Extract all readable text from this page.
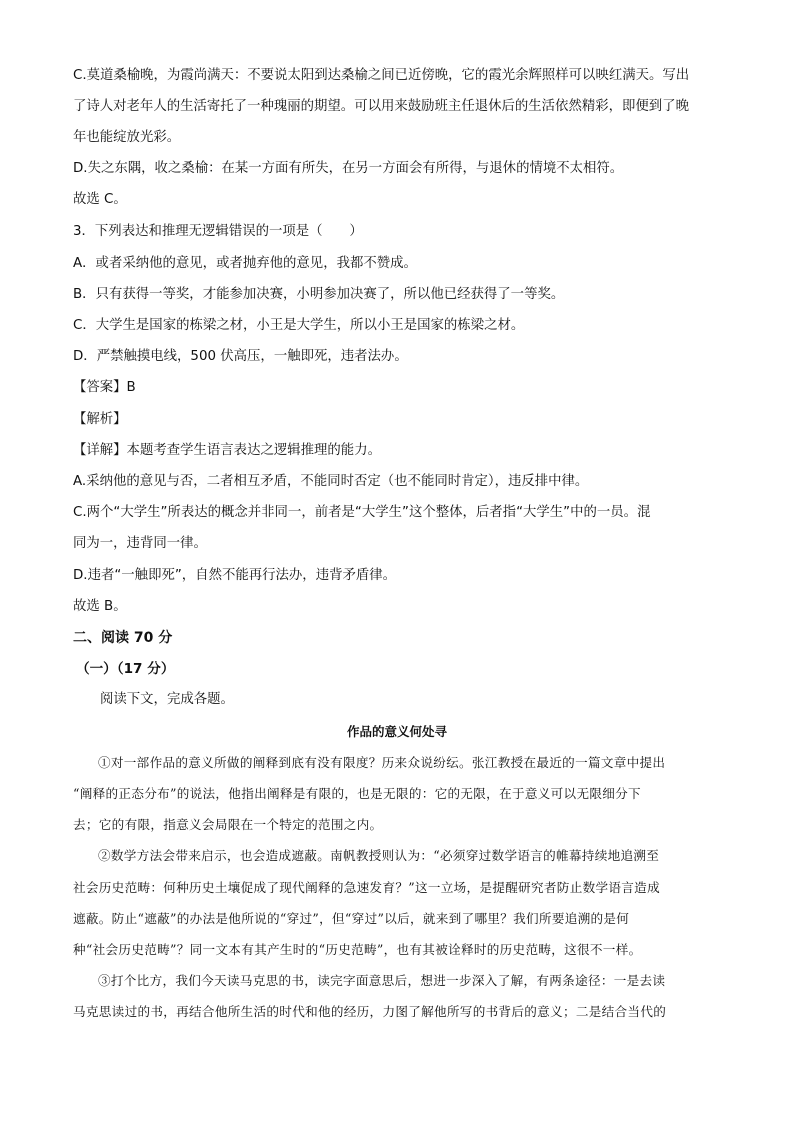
C.莫道桑榆晚，为霞尚满天：不要说太阳到达桑榆之间已近傍晚，它的霞光余辉照样可以映红满天。写出
了诗人对老年人的生活寄托了一种瑰丽的期望。可以用来鼓励班主任退休后的生活依然精彩，即便到了晚
年也能绽放光彩。
D.失之东隅，收之桑榆：在某一方面有所失，在另一方面会有所得，与退休的情境不太相符。
故选 C。
3．下列表达和推理无逻辑错误的一项是（　　）
A．或者采纳他的意见，或者抛弃他的意见，我都不赞成。
B．只有获得一等奖，才能参加决赛，小明参加决赛了，所以他已经获得了一等奖。
C．大学生是国家的栋梁之材，小王是大学生，所以小王是国家的栋梁之材。
D．严禁触摸电线，500 伏高压，一触即死，违者法办。
【答案】B
【解析】
【详解】本题考查学生语言表达之逻辑推理的能力。
A.采纳他的意见与否，二者相互矛盾，不能同时否定（也不能同时肯定），违反排中律。
C.两个“大学生”所表达的概念并非同一，前者是“大学生”这个整体，后者指“大学生”中的一员。混
同为一，违背同一律。
D.违者“一触即死”，自然不能再行法办，违背矛盾律。
故选 B。
二、阅读 70 分
（一）（17 分）
阅读下文，完成各题。
作品的意义何处寻
①对一部作品的意义所做的阐释到底有没有限度？历来众说纷纭。张江教授在最近的一篇文章中提出
“阐释的正态分布”的说法，他指出阐释是有限的，也是无限的：它的无限，在于意义可以无限细分下
去；它的有限，指意义会局限在一个特定的范围之内。
②数学方法会带来启示，也会造成遮蔽。南帆教授则认为：“必须穿过数学语言的帷幕持续地追溯至
社会历史范畴：何种历史土壤促成了现代阐释的急速发育？”这一立场，是提醒研究者防止数学语言造成
遮蔽。防止“遮蔽”的办法是他所说的“穿过”，但“穿过”以后，就来到了哪里？我们所要追溯的是何
种“社会历史范畴”？同一文本有其产生时的“历史范畴”，也有其被诠释时的历史范畴，这很不一样。
③打个比方，我们今天读马克思的书，读完字面意思后，想进一步深入了解，有两条途径：一是去读
马克思读过的书，再结合他所生活的时代和他的经历，力图了解他所写的书背后的意义；二是结合当代的
